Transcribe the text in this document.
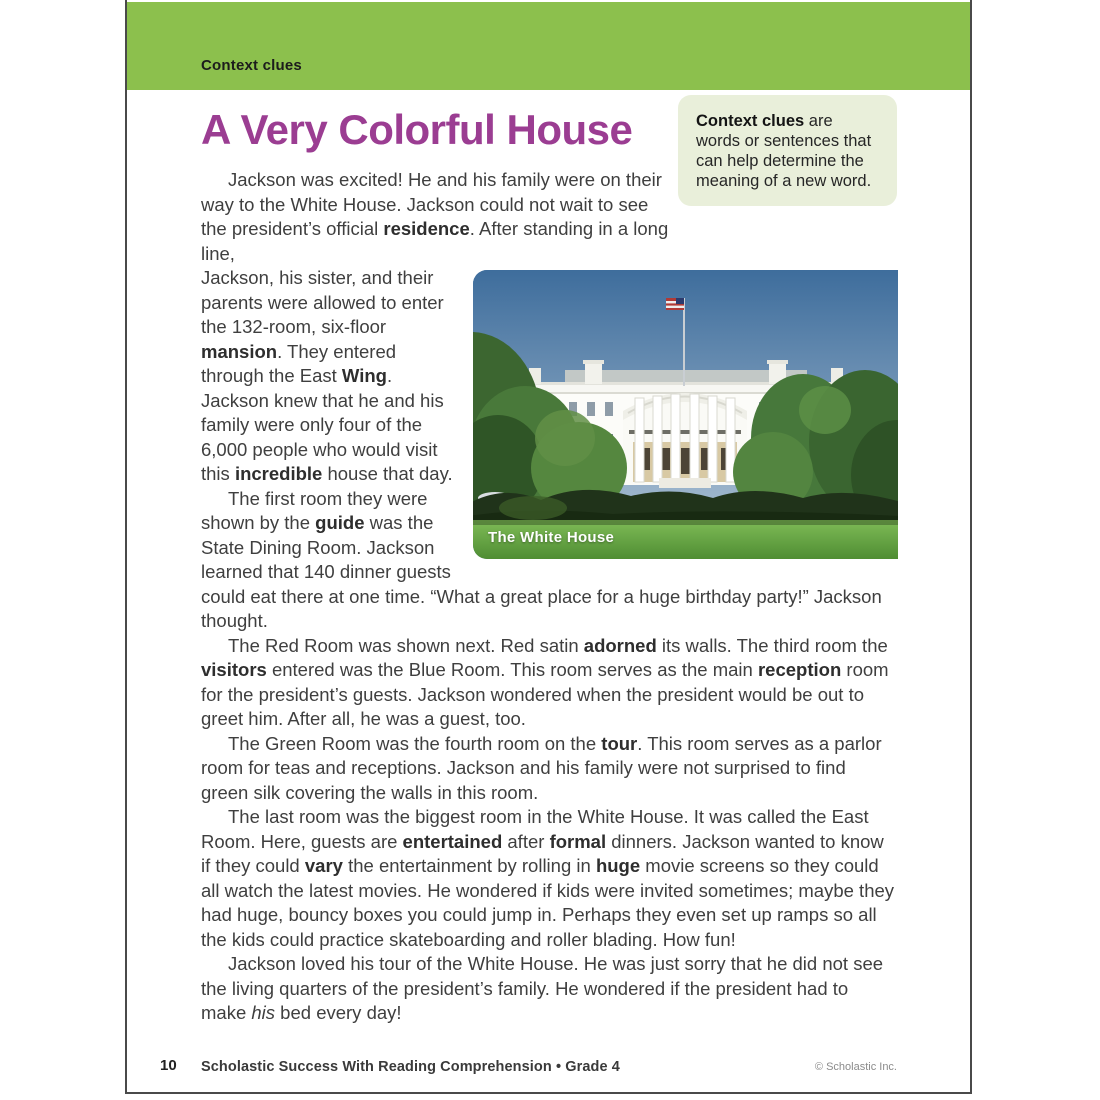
Context clues
Context clues are words or sentences that can help determine the meaning of a new word.
A Very Colorful House

Jackson was excited! He and his family were on their way to the White House. Jackson could not wait to see the president’s official residence. After standing in a long line,

The White House

Jackson, his sister, and their parents were allowed to enter the 132-room, six-floor mansion. They entered through the East Wing. Jackson knew that he and his family were only four of the 6,000 people who would visit this incredible house that day.

The first room they were shown by the guide was the State Dining Room. Jackson learned that 140 dinner guests could eat there at one time. “What a great place for a huge birthday party!” Jackson thought.

The Red Room was shown next. Red satin adorned its walls. The third room the visitors entered was the Blue Room. This room serves as the main reception room for the president’s guests. Jackson wondered when the president would be out to greet him. After all, he was a guest, too.

The Green Room was the fourth room on the tour. This room serves as a parlor room for teas and receptions. Jackson and his family were not surprised to find green silk covering the walls in this room.

The last room was the biggest room in the White House. It was called the East Room. Here, guests are entertained after formal dinners. Jackson wanted to know if they could vary the entertainment by rolling in huge movie screens so they could all watch the latest movies. He wondered if kids were invited sometimes; maybe they had huge, bouncy boxes you could jump in. Perhaps they even set up ramps so all the kids could practice skateboarding and roller blading. How fun!

Jackson loved his tour of the White House. He was just sorry that he did not see the living quarters of the president’s family. He wondered if the president had to make his bed every day!

10 Scholastic Success With Reading Comprehension • Grade 4	© Scholastic Inc.
